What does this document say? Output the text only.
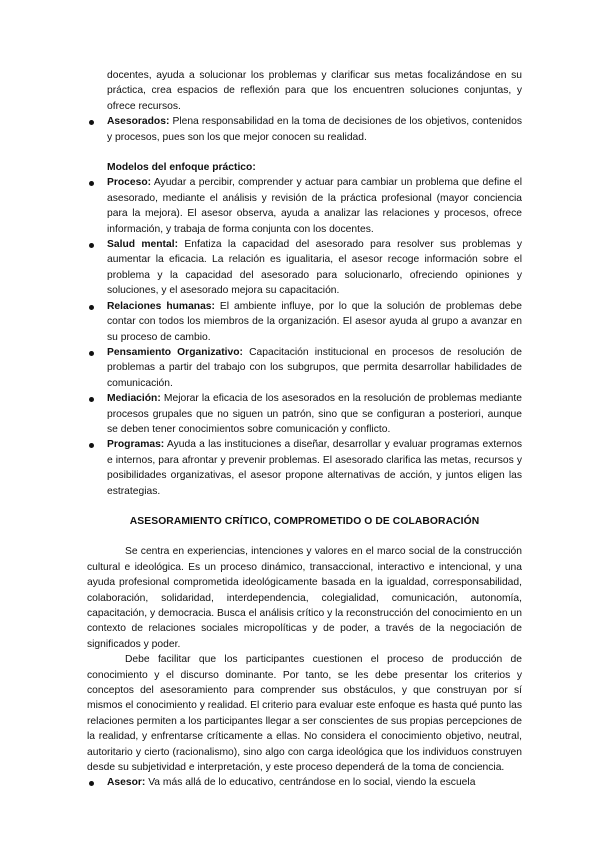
docentes, ayuda a solucionar los problemas y clarificar sus metas focalizándose en su práctica, crea espacios de reflexión para que los encuentren soluciones conjuntas, y ofrece recursos.

Asesorados: Plena responsabilidad en la toma de decisiones de los objetivos, contenidos y procesos, pues son los que mejor conocen su realidad.

Modelos del enfoque práctico:

Proceso: Ayudar a percibir, comprender y actuar para cambiar un problema que define el asesorado, mediante el análisis y revisión de la práctica profesional (mayor conciencia para la mejora). El asesor observa, ayuda a analizar las relaciones y procesos, ofrece información, y trabaja de forma conjunta con los docentes.
Salud mental: Enfatiza la capacidad del asesorado para resolver sus problemas y aumentar la eficacia. La relación es igualitaria, el asesor recoge información sobre el problema y la capacidad del asesorado para solucionarlo, ofreciendo opiniones y soluciones, y el asesorado mejora su capacitación.
Relaciones humanas: El ambiente influye, por lo que la solución de problemas debe contar con todos los miembros de la organización. El asesor ayuda al grupo a avanzar en su proceso de cambio.
Pensamiento Organizativo: Capacitación institucional en procesos de resolución de problemas a partir del trabajo con los subgrupos, que permita desarrollar habilidades de comunicación.
Mediación: Mejorar la eficacia de los asesorados en la resolución de problemas mediante procesos grupales que no siguen un patrón, sino que se configuran a posteriori, aunque se deben tener conocimientos sobre comunicación y conflicto.
Programas: Ayuda a las instituciones a diseñar, desarrollar y evaluar programas externos e internos, para afrontar y prevenir problemas. El asesorado clarifica las metas, recursos y posibilidades organizativas, el asesor propone alternativas de acción, y juntos eligen las estrategias.

ASESORAMIENTO CRÍTICO, COMPROMETIDO O DE COLABORACIÓN

Se centra en experiencias, intenciones y valores en el marco social de la construcción cultural e ideológica. Es un proceso dinámico, transaccional, interactivo e intencional, y una ayuda profesional comprometida ideológicamente basada en la igualdad, corresponsabilidad, colaboración, solidaridad, interdependencia, colegialidad, comunicación, autonomía, capacitación, y democracia. Busca el análisis crítico y la reconstrucción del conocimiento en un contexto de relaciones sociales micropolíticas y de poder, a través de la negociación de significados y poder.

Debe facilitar que los participantes cuestionen el proceso de producción de conocimiento y el discurso dominante. Por tanto, se les debe presentar los criterios y conceptos del asesoramiento para comprender sus obstáculos, y que construyan por sí mismos el conocimiento y realidad. El criterio para evaluar este enfoque es hasta qué punto las relaciones permiten a los participantes llegar a ser conscientes de sus propias percepciones de la realidad, y enfrentarse críticamente a ellas. No considera el conocimiento objetivo, neutral, autoritario y cierto (racionalismo), sino algo con carga ideológica que los individuos construyen desde su subjetividad e interpretación, y este proceso dependerá de la toma de conciencia.

Asesor: Va más allá de lo educativo, centrándose en lo social, viendo la escuela
